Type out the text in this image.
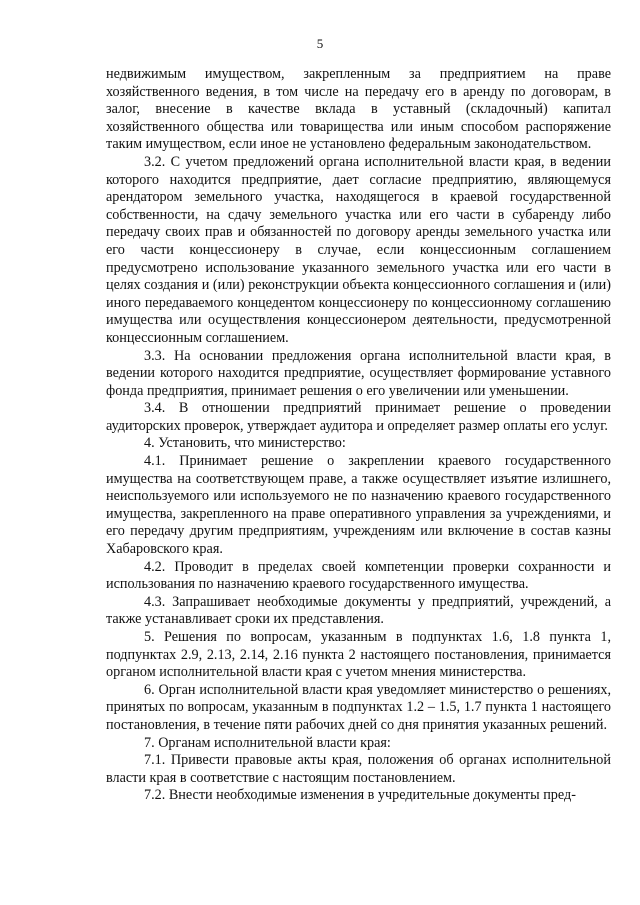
5

недвижимым имуществом, закрепленным за предприятием на праве хозяйственного ведения, в том числе на передачу его в аренду по договорам, в залог, внесение в качестве вклада в уставный (складочный) капитал хозяйственного общества или товарищества или иным способом распоряжение таким имуществом, если иное не установлено федеральным законодательством.

3.2. С учетом предложений органа исполнительной власти края, в ведении которого находится предприятие, дает согласие предприятию, являющемуся арендатором земельного участка, находящегося в краевой государственной собственности, на сдачу земельного участка или его части в субаренду либо передачу своих прав и обязанностей по договору аренды земельного участка или его части концессионеру в случае, если концессионным соглашением предусмотрено использование указанного земельного участка или его части в целях создания и (или) реконструкции объекта концессионного соглашения и (или) иного передаваемого концедентом концессионеру по концессионному соглашению имущества или осуществления концессионером деятельности, предусмотренной концессионным соглашением.

3.3. На основании предложения органа исполнительной власти края, в ведении которого находится предприятие, осуществляет формирование уставного фонда предприятия, принимает решения о его увеличении или уменьшении.

3.4. В отношении предприятий принимает решение о проведении аудиторских проверок, утверждает аудитора и определяет размер оплаты его услуг.

4. Установить, что министерство:

4.1. Принимает решение о закреплении краевого государственного имущества на соответствующем праве, а также осуществляет изъятие излишнего, неиспользуемого или используемого не по назначению краевого государственного имущества, закрепленного на праве оперативного управления за учреждениями, и его передачу другим предприятиям, учреждениям или включение в состав казны Хабаровского края.

4.2. Проводит в пределах своей компетенции проверки сохранности и использования по назначению краевого государственного имущества.

4.3. Запрашивает необходимые документы у предприятий, учреждений, а также устанавливает сроки их представления.

5. Решения по вопросам, указанным в подпунктах 1.6, 1.8 пункта 1, подпунктах 2.9, 2.13, 2.14, 2.16 пункта 2 настоящего постановления, принимается органом исполнительной власти края с учетом мнения министерства.

6. Орган исполнительной власти края уведомляет министерство о решениях, принятых по вопросам, указанным в подпунктах 1.2 – 1.5, 1.7 пункта 1 настоящего постановления, в течение пяти рабочих дней со дня принятия указанных решений.

7. Органам исполнительной власти края:

7.1. Привести правовые акты края, положения об органах исполнительной власти края в соответствие с настоящим постановлением.

7.2. Внести необходимые изменения в учредительные документы пред-
